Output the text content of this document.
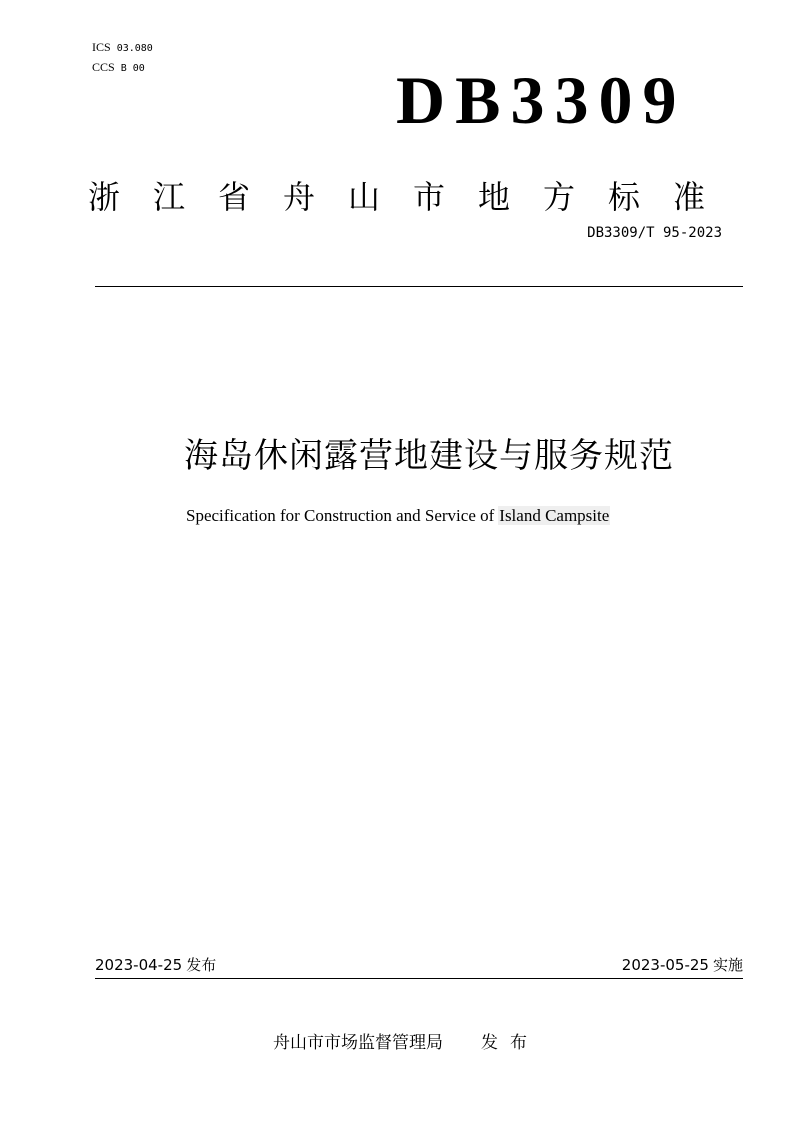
ICS 03.080
CCS B 00	DB3309
浙江省舟山市地方标准
DB3309/T 95-2023
海岛休闲露营地建设与服务规范
Specification for Construction and Service of Island Campsite
2023-04-25 发布	2023-05-25 实施
舟山市市场监督管理局 发布
